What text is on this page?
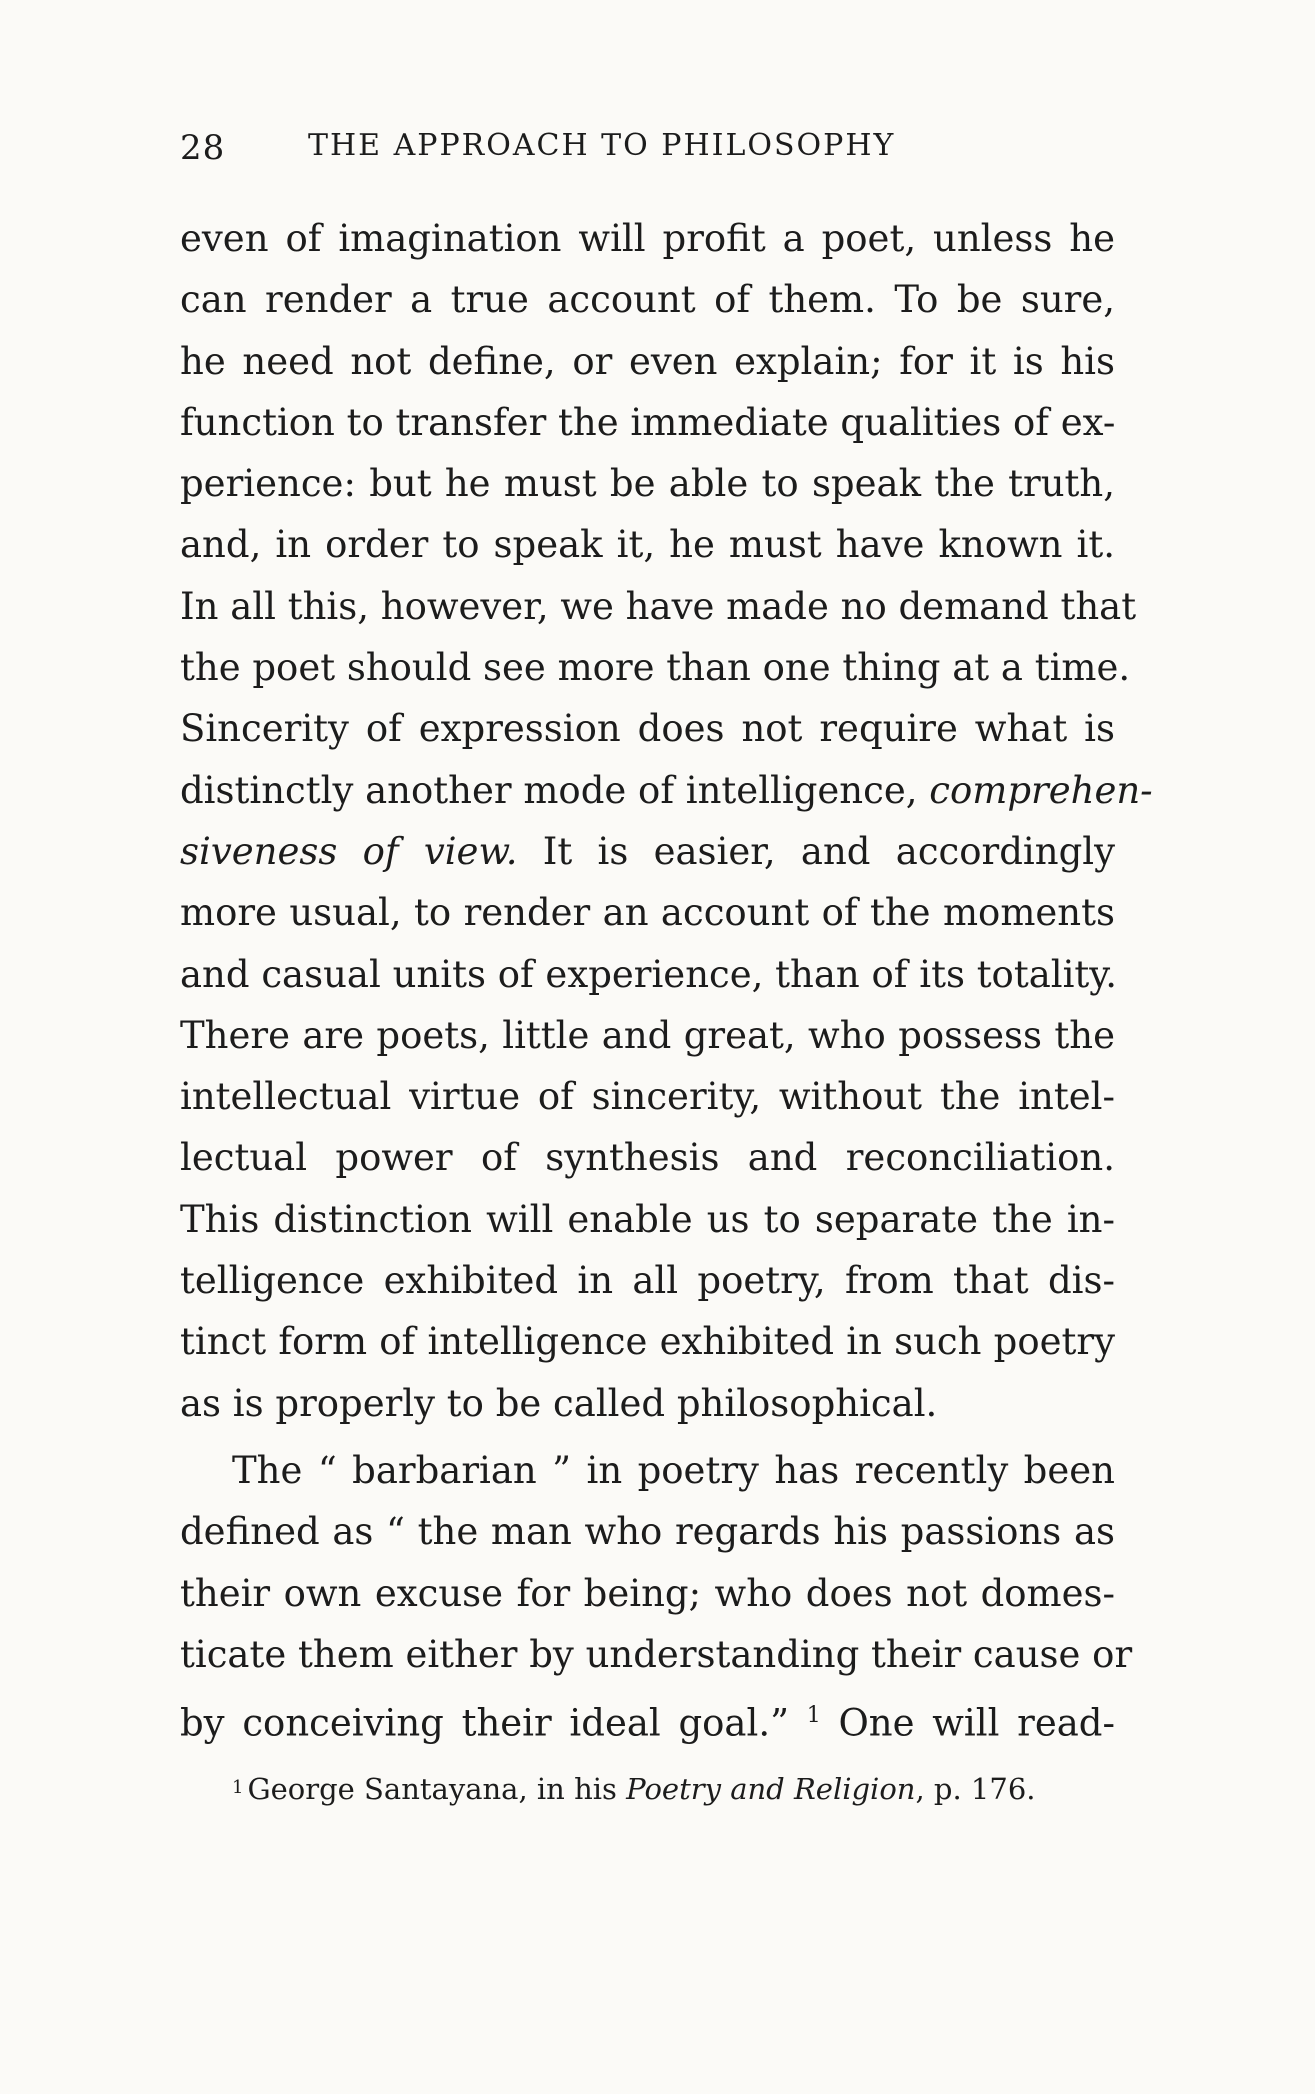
28	THE APPROACH TO PHILOSOPHY
even of imagination will profit a poet, unless he
can render a true account of them. To be sure,
he need not define, or even explain; for it is his
function to transfer the immediate qualities of ex-
perience: but he must be able to speak the truth,
and, in order to speak it, he must have known it.
In all this, however, we have made no demand that
the poet should see more than one thing at a time.
Sincerity of expression does not require what is
distinctly another mode of intelligence, comprehen-
siveness of view. It is easier, and accordingly
more usual, to render an account of the moments
and casual units of experience, than of its totality.
There are poets, little and great, who possess the
intellectual virtue of sincerity, without the intel-
lectual power of synthesis and reconciliation.
This distinction will enable us to separate the in-
telligence exhibited in all poetry, from that dis-
tinct form of intelligence exhibited in such poetry
as is properly to be called philosophical.
The “ barbarian ” in poetry has recently been
defined as “ the man who regards his passions as
their own excuse for being; who does not domes-
ticate them either by understanding their cause or
by conceiving their ideal goal.” $^1$ One will read-
$^1$ George Santayana, in his Poetry and Religion, p. 176.
